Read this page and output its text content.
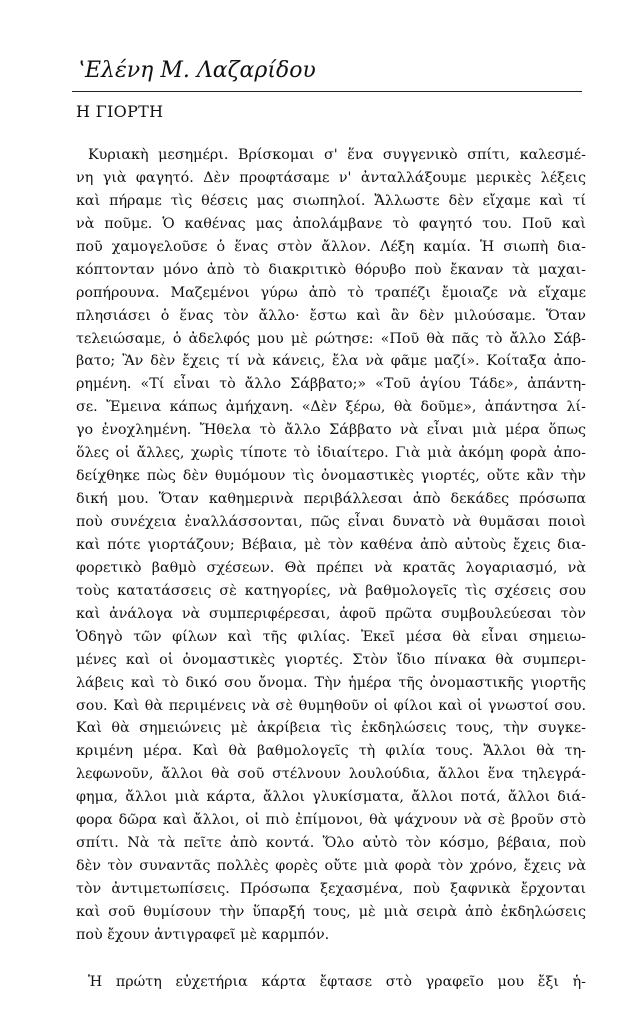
ʽΕλένη Μ. Λαζαρίδου
Η ΓΙΟΡΤΗ
Κυριακὴ μεσημέρι. Βρίσκομαι σ' ἕνα συγγενικὸ σπίτι, καλεσμέ-
νη γιὰ φαγητό. Δὲν προφτάσαμε ν' ἀνταλλάξουμε μερικὲς λέξεις
καὶ πήραμε τὶς θέσεις μας σιωπηλοί. Ἄλλωστε δὲν εἴχαμε καὶ τί
νὰ ποῦμε. Ὁ καθένας μας ἀπολάμβανε τὸ φαγητό του. Ποῦ καὶ
ποῦ χαμογελοῦσε ὁ ἕνας στὸν ἄλλον. Λέξη καμία. Ἡ σιωπὴ δια-
κόπτονταν μόνο ἀπὸ τὸ διακριτικὸ θόρυβο ποὺ ἔκαναν τὰ μαχαι-
ροπήρουνα. Μαζεμένοι γύρω ἀπὸ τὸ τραπέζι ἔμοιαζε νὰ εἴχαμε
πλησιάσει ὁ ἕνας τὸν ἄλλο· ἔστω καὶ ἂν δὲν μιλούσαμε. Ὅταν
τελειώσαμε, ὁ ἀδελφός μου μὲ ρώτησε: «Ποῦ θὰ πᾶς τὸ ἄλλο Σάβ-
βατο; Ἂν δὲν ἔχεις τί νὰ κάνεις, ἔλα νὰ φᾶμε μαζί». Κοίταξα ἀπο-
ρημένη. «Τί εἶναι τὸ ἄλλο Σάββατο;» «Τοῦ ἁγίου Τάδε», ἀπάντη-
σε. Ἔμεινα κάπως ἀμήχανη. «Δὲν ξέρω, θὰ δοῦμε», ἀπάντησα λί-
γο ἐνοχλημένη. Ἤθελα τὸ ἄλλο Σάββατο νὰ εἶναι μιὰ μέρα ὅπως
ὅλες οἱ ἄλλες, χωρὶς τίποτε τὸ ἰδιαίτερο. Γιὰ μιὰ ἀκόμη φορὰ ἀπο-
δείχθηκε πὼς δὲν θυμόμουν τὶς ὀνομαστικὲς γιορτές, οὔτε κἂν τὴν
δική μου. Ὅταν καθημερινὰ περιβάλλεσαι ἀπὸ δεκάδες πρόσωπα
ποὺ συνέχεια ἐναλλάσσονται, πῶς εἶναι δυνατὸ νὰ θυμᾶσαι ποιοὶ
καὶ πότε γιορτάζουν; Βέβαια, μὲ τὸν καθένα ἀπὸ αὐτοὺς ἔχεις δια-
φορετικὸ βαθμὸ σχέσεων. Θὰ πρέπει νὰ κρατᾶς λογαριασμό, νὰ
τοὺς κατατάσσεις σὲ κατηγορίες, νὰ βαθμολογεῖς τὶς σχέσεις σου
καὶ ἀνάλογα νὰ συμπεριφέρεσαι, ἀφοῦ πρῶτα συμβουλεύεσαι τὸν
Ὁδηγὸ τῶν φίλων καὶ τῆς φιλίας. Ἐκεῖ μέσα θὰ εἶναι σημειω-
μένες καὶ οἱ ὀνομαστικὲς γιορτές. Στὸν ἴδιο πίνακα θὰ συμπερι-
λάβεις καὶ τὸ δικό σου ὄνομα. Τὴν ἡμέρα τῆς ὀνομαστικῆς γιορτῆς
σου. Καὶ θὰ περιμένεις νὰ σὲ θυμηθοῦν οἱ φίλοι καὶ οἱ γνωστοί σου.
Καὶ θὰ σημειώνεις μὲ ἀκρίβεια τὶς ἐκδηλώσεις τους, τὴν συγκε-
κριμένη μέρα. Καὶ θὰ βαθμολογεῖς τὴ φιλία τους. Ἄλλοι θὰ τη-
λεφωνοῦν, ἄλλοι θὰ σοῦ στέλνουν λουλούδια, ἄλλοι ἕνα τηλεγρά-
φημα, ἄλλοι μιὰ κάρτα, ἄλλοι γλυκίσματα, ἄλλοι ποτά, ἄλλοι διά-
φορα δῶρα καὶ ἄλλοι, οἱ πιὸ ἐπίμονοι, θὰ ψάχνουν νὰ σὲ βροῦν στὸ
σπίτι. Νὰ τὰ πεῖτε ἀπὸ κοντά. Ὅλο αὐτὸ τὸν κόσμο, βέβαια, ποὺ
δὲν τὸν συναντᾶς πολλὲς φορὲς οὔτε μιὰ φορὰ τὸν χρόνο, ἔχεις νὰ
τὸν ἀντιμετωπίσεις. Πρόσωπα ξεχασμένα, ποὺ ξαφνικὰ ἔρχονται
καὶ σοῦ θυμίσουν τὴν ὕπαρξή τους, μὲ μιὰ σειρὰ ἀπὸ ἐκδηλώσεις
ποὺ ἔχουν ἀντιγραφεῖ μὲ καρμπόν.
Ἡ πρώτη εὐχετήρια κάρτα ἔφτασε στὸ γραφεῖο μου ἔξι ἡ-
